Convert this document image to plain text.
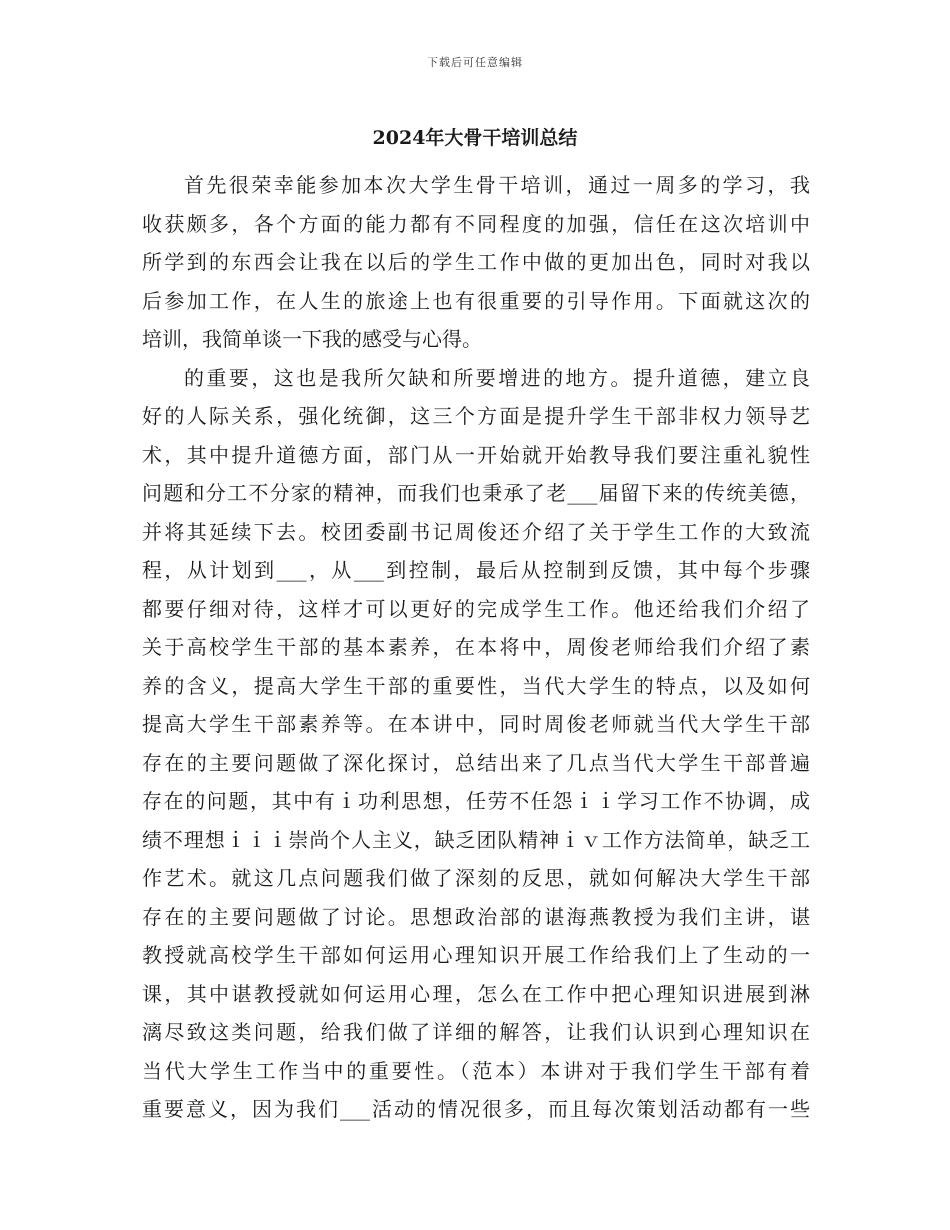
下载后可任意编辑
2024年大骨干培训总结
首先很荣幸能参加本次大学生骨干培训，通过一周多的学习，我
收获颇多，各个方面的能力都有不同程度的加强，信任在这次培训中
所学到的东西会让我在以后的学生工作中做的更加出色，同时对我以
后参加工作，在人生的旅途上也有很重要的引导作用。下面就这次的
培训，我简单谈一下我的感受与心得。
的重要，这也是我所欠缺和所要增进的地方。提升道德，建立良
好的人际关系，强化统御，这三个方面是提升学生干部非权力领导艺
术，其中提升道德方面，部门从一开始就开始教导我们要注重礼貌性
问题和分工不分家的精神，而我们也秉承了老___届留下来的传统美德，
并将其延续下去。校团委副书记周俊还介绍了关于学生工作的大致流
程，从计划到___，从___到控制，最后从控制到反馈，其中每个步骤
都要仔细对待，这样才可以更好的完成学生工作。他还给我们介绍了
关于高校学生干部的基本素养，在本将中，周俊老师给我们介绍了素
养的含义，提高大学生干部的重要性，当代大学生的特点，以及如何
提高大学生干部素养等。在本讲中，同时周俊老师就当代大学生干部
存在的主要问题做了深化探讨，总结出来了几点当代大学生干部普遍
存在的问题，其中有ｉ功利思想，任劳不任怨ｉｉ学习工作不协调，成
绩不理想ｉｉｉ崇尚个人主义，缺乏团队精神ｉｖ工作方法简单，缺乏工
作艺术。就这几点问题我们做了深刻的反思，就如何解决大学生干部
存在的主要问题做了讨论。思想政治部的谌海燕教授为我们主讲，谌
教授就高校学生干部如何运用心理知识开展工作给我们上了生动的一
课，其中谌教授就如何运用心理，怎么在工作中把心理知识进展到淋
漓尽致这类问题，给我们做了详细的解答，让我们认识到心理知识在
当代大学生工作当中的重要性。（范本）本讲对于我们学生干部有着
重要意义，因为我们___活动的情况很多，而且每次策划活动都有一些
